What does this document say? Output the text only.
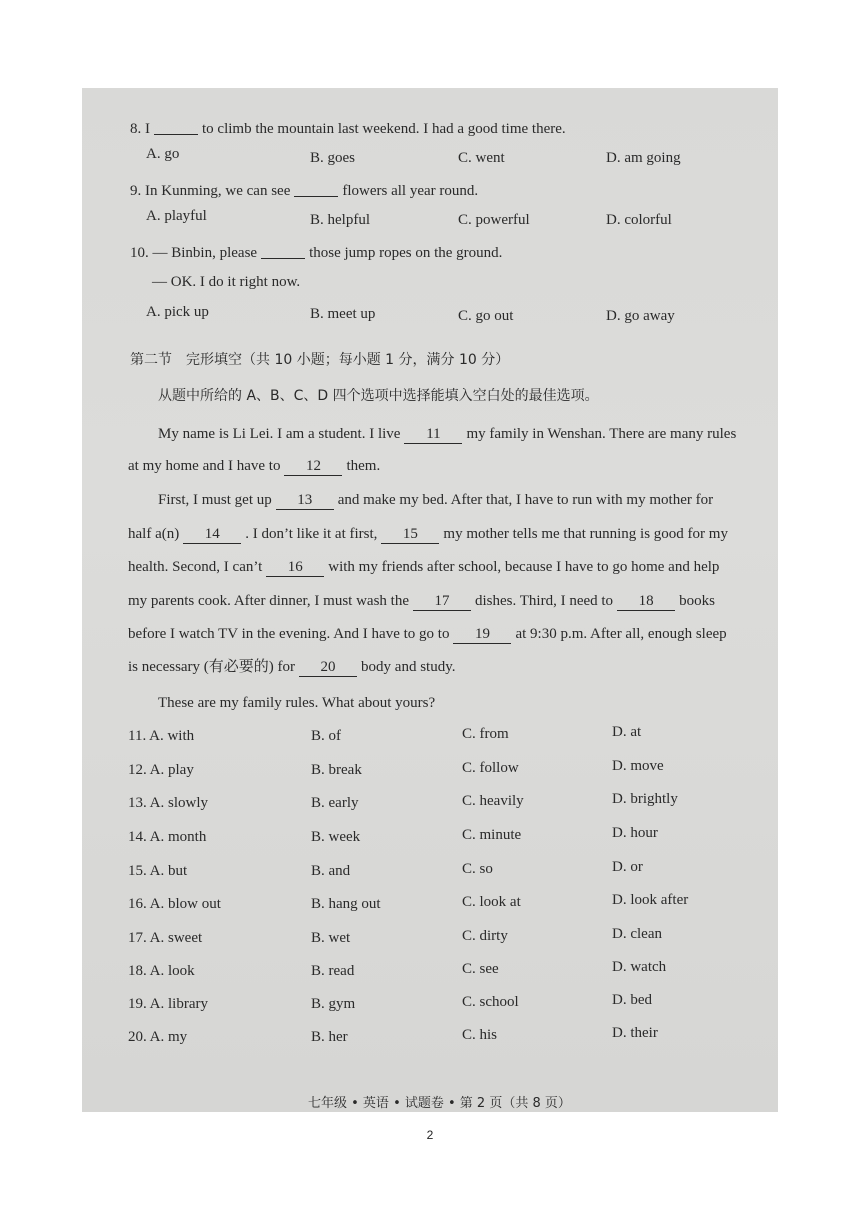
8. I	to climb the mountain last weekend. I had a good time there.
A. go	B. goes	C. went	D. am going
9. In Kunming, we can see	flowers all year round.
A. playful	B. helpful	C. powerful	D. colorful
10. — Binbin, please	those jump ropes on the ground.
— OK. I do it right now.
A. pick up	B. meet up	C. go out	D. go away
第二节　完形填空（共 10 小题；每小题 1 分，满分 10 分）
从题中所给的 A、B、C、D 四个选项中选择能填入空白处的最佳选项。
My name is Li Lei. I am a student. I live 11 my family in Wenshan. There are many rules
at my home and I have to 12 them.
First, I must get up 13 and make my bed. After that, I have to run with my mother for
half a(n) 14 . I don’t like it at first, 15 my mother tells me that running is good for my
health. Second, I can’t 16 with my friends after school, because I have to go home and help
my parents cook. After dinner, I must wash the 17 dishes. Third, I need to 18 books
before I watch TV in the evening. And I have to go to 19 at 9:30 p.m. After all, enough sleep
is necessary (有必要的) for 20 body and study.
These are my family rules. What about yours?
11. A. with	B. of	C. from	D. at
12. A. play	B. break	C. follow	D. move
13. A. slowly	B. early	C. heavily	D. brightly
14. A. month	B. week	C. minute	D. hour
15. A. but	B. and	C. so	D. or
16. A. blow out	B. hang out	C. look at	D. look after
17. A. sweet	B. wet	C. dirty	D. clean
18. A. look	B. read	C. see	D. watch
19. A. library	B. gym	C. school	D. bed
20. A. my	B. her	C. his	D. their
七年级 • 英语 • 试题卷 • 第 2 页（共 8 页）
2
